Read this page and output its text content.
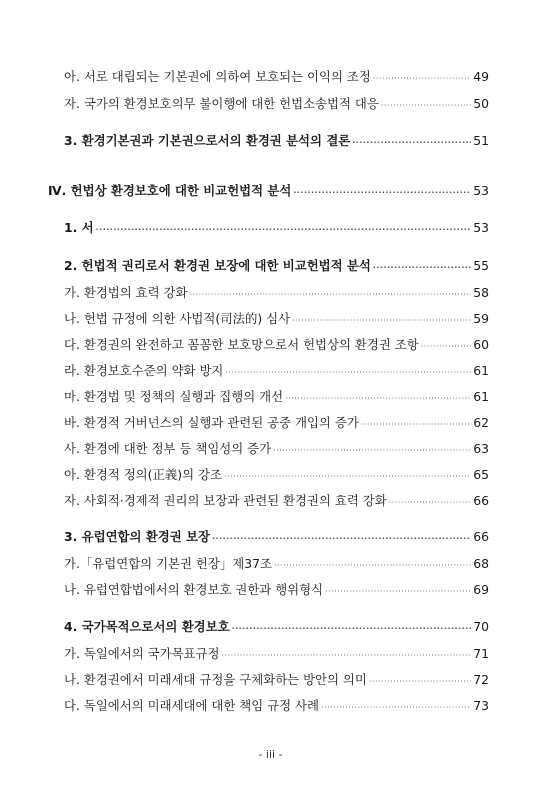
아. 서로 대립되는 기본권에 의하여 보호되는 이익의 조정 ·····	49
자. 국가의 환경보호의무 불이행에 대한 헌법소송법적 대응 ·····	50
3. 환경기본권과 기본권으로서의 환경권 분석의 결론 ·····	51
Ⅳ. 헌법상 환경보호에 대한 비교헌법적 분석 ·····	53
1. 서 ·····	53
2. 헌법적 권리로서 환경권 보장에 대한 비교헌법적 분석 ·····	55
가. 환경법의 효력 강화 ·····	58
나. 헌법 규정에 의한 사법적(司法的) 심사 ·····	59
다. 환경권의 완전하고 꼼꼼한 보호망으로서 헌법상의 환경권 조항 ·····	60
라. 환경보호수준의 약화 방지 ·····	61
마. 환경법 및 정책의 실행과 집행의 개선 ·····	61
바. 환경적 거버넌스의 실행과 관련된 공중 개입의 증가 ·····	62
사. 환경에 대한 정부 등 책임성의 증가 ·····	63
아. 환경적 정의(正義)의 강조 ·····	65
자. 사회적·경제적 권리의 보장과 관련된 환경권의 효력 강화 ·····	66
3. 유럽연합의 환경권 보장 ·····	66
가.「유럽연합의 기본권 헌장」제37조 ·····	68
나. 유럽연합법에서의 환경보호 권한과 행위형식 ·····	69
4. 국가목적으로서의 환경보호 ·····	70
가. 독일에서의 국가목표규정 ·····	71
나. 환경권에서 미래세대 규정을 구체화하는 방안의 의미 ·····	72
다. 독일에서의 미래세대에 대한 책임 규정 사례 ·····	73
- iii -
